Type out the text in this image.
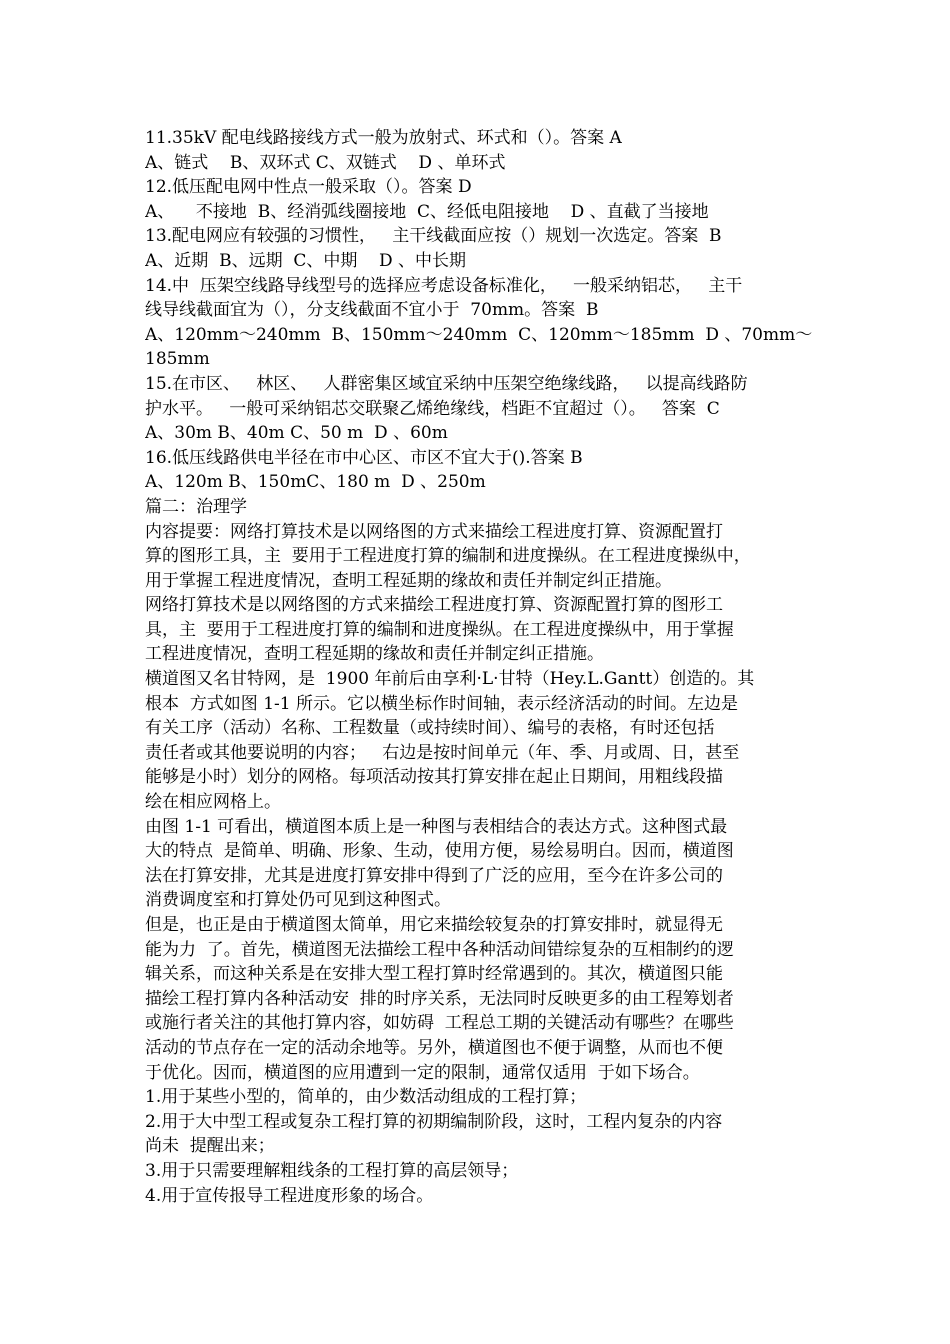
11.35kV 配电线路接线方式一般为放射式、环式和（）。答案 A
A、链式    B、双环式 C、双链式    D 、单环式
12.低压配电网中性点一般采取（）。答案 D
A、    不接地  B、经消弧线圈接地  C、经低电阻接地    D 、直截了当接地
13.配电网应有较强的习惯性，   主干线截面应按（）规划一次选定。答案  B
A、近期  B、远期  C、中期    D 、中长期
14.中  压架空线路导线型号的选择应考虑设备标准化，   一般采纳铝芯，   主干
线导线截面宜为（），分支线截面不宜小于  70mm。答案  B
A、120mm～240mm  B、150mm～240mm  C、120mm～185mm  D 、70mm～
185mm
15.在市区、   林区、   人群密集区域宜采纳中压架空绝缘线路，   以提高线路防
护水平。   一般可采纳铝芯交联聚乙烯绝缘线，档距不宜超过（）。   答案  C
A、30m B、40m C、50 m  D 、60m
16.低压线路供电半径在市中心区、市区不宜大于().答案 B
A、120m B、150mC、180 m  D 、250m
篇二：治理学
内容提要：网络打算技术是以网络图的方式来描绘工程进度打算、资源配置打
算的图形工具，主  要用于工程进度打算的编制和进度操纵。在工程进度操纵中，
用于掌握工程进度情况，查明工程延期的缘故和责任并制定纠正措施。
网络打算技术是以网络图的方式来描绘工程进度打算、资源配置打算的图形工
具，主  要用于工程进度打算的编制和进度操纵。在工程进度操纵中，用于掌握
工程进度情况，查明工程延期的缘故和责任并制定纠正措施。
横道图又名甘特网，是  1900 年前后由享利·L·甘特（Hey.L.Gantt）创造的。其
根本  方式如图 1-1 所示。它以横坐标作时间轴，表示经济活动的时间。左边是
有关工序（活动）名称、工程数量（或持续时间）、编号的表格，有时还包括
责任者或其他要说明的内容；   右边是按时间单元（年、季、月或周、日，甚至
能够是小时）划分的网格。每项活动按其打算安排在起止日期间，用粗线段描
绘在相应网格上。
由图 1-1 可看出，横道图本质上是一种图与表相结合的表达方式。这种图式最
大的特点  是简单、明确、形象、生动，使用方便，易绘易明白。因而，横道图
法在打算安排，尤其是进度打算安排中得到了广泛的应用，至今在许多公司的
消费调度室和打算处仍可见到这种图式。
但是，也正是由于横道图太简单，用它来描绘较复杂的打算安排时，就显得无
能为力  了。首先，横道图无法描绘工程中各种活动间错综复杂的互相制约的逻
辑关系，而这种关系是在安排大型工程打算时经常遇到的。其次，横道图只能
描绘工程打算内各种活动安  排的时序关系，无法同时反映更多的由工程筹划者
或施行者关注的其他打算内容，如妨碍  工程总工期的关键活动有哪些？在哪些
活动的节点存在一定的活动余地等。另外，横道图也不便于调整，从而也不便
于优化。因而，横道图的应用遭到一定的限制，通常仅适用  于如下场合。
1.用于某些小型的，简单的，由少数活动组成的工程打算；
2.用于大中型工程或复杂工程打算的初期编制阶段，这时，工程内复杂的内容
尚未  提醒出来；
3.用于只需要理解粗线条的工程打算的高层领导；
4.用于宣传报导工程进度形象的场合。
